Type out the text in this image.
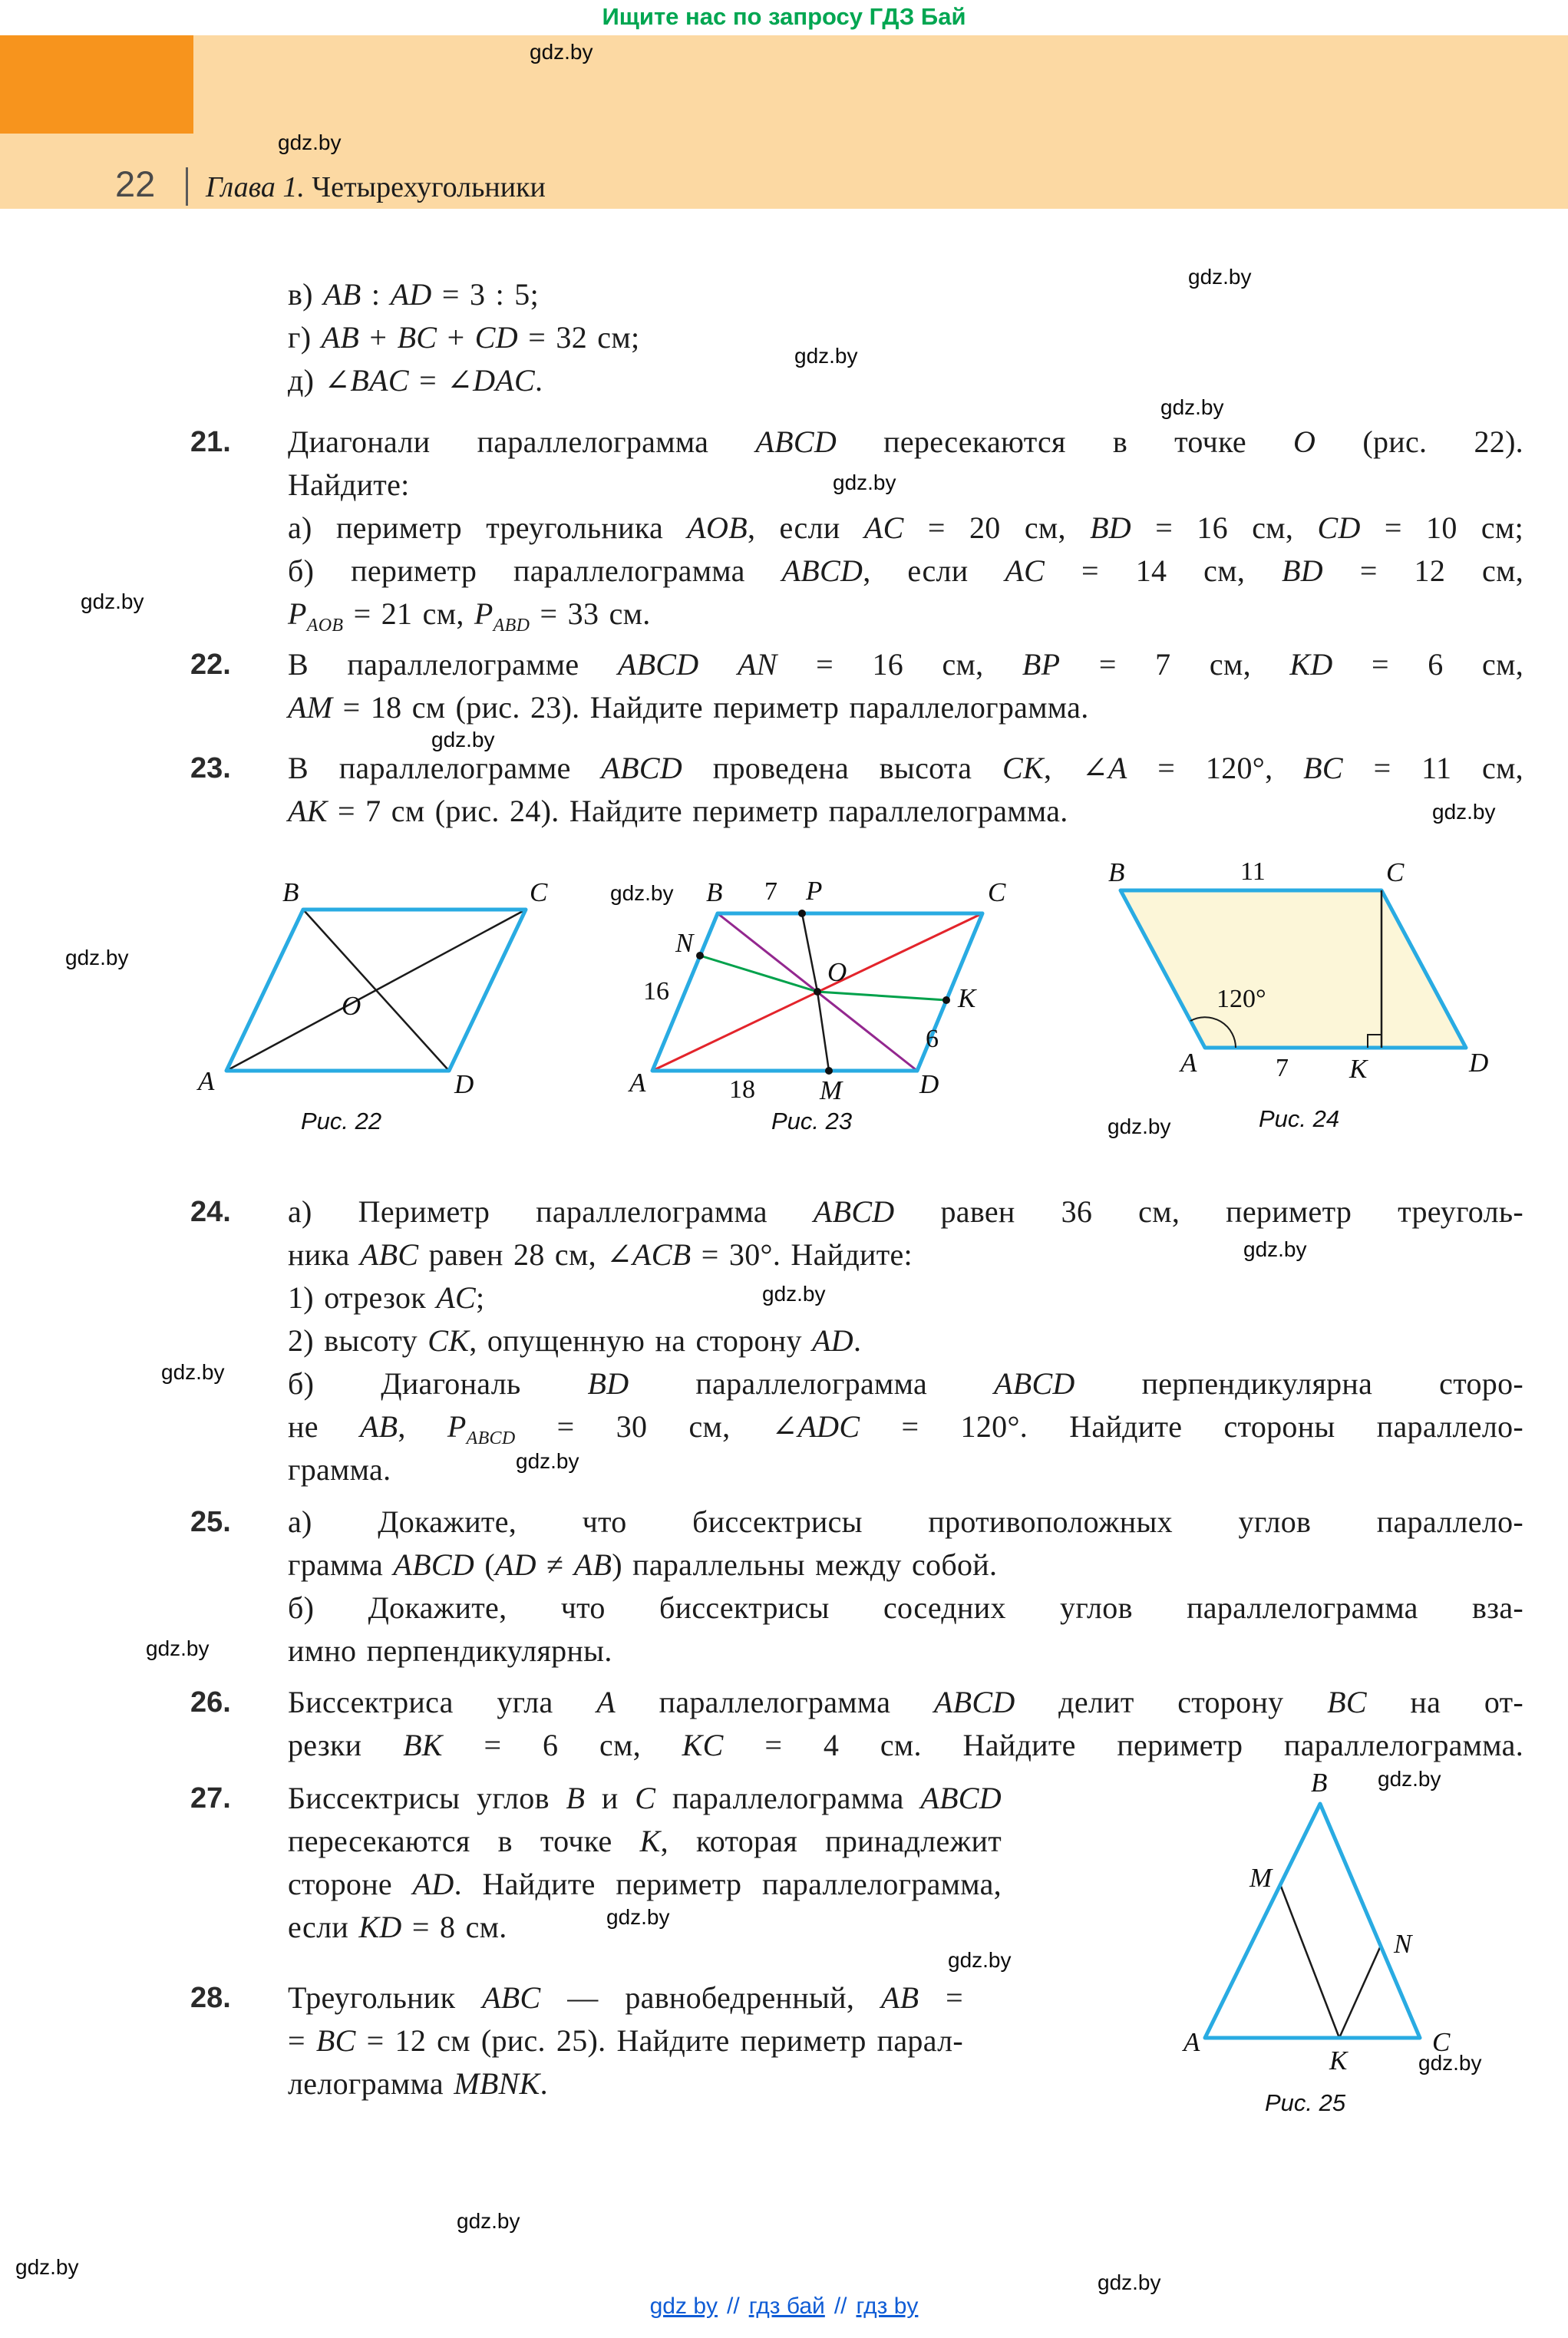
Ищите нас по запросу ГДЗ Бай
22 Глава 1. Четырехугольники
gdz.by
gdz.by
gdz.by
gdz.by
gdz.by
gdz.by
gdz.by
gdz.by
gdz.by
gdz.by
gdz.by
gdz.by
gdz.by
gdz.by
gdz.by
gdz.by
gdz.by
gdz.by
gdz.by
gdz.by
gdz.by
gdz.by
gdz.by
gdz.by
в) AB : AD = 3 : 5;
г) AB + BC + CD = 32 см;
д) ∠BAC = ∠DAC.
21. Диагонали параллелограмма ABCD пересекаются в точке O (рис. 22).
Найдите:
а) периметр треугольника AOB, если AC = 20 см, BD = 16 см, CD = 10 см;
б) периметр параллелограмма ABCD, если AC = 14 см, BD = 12 см,
$P_{AOB} = 21$ см, $P_{ABD} = 33$ см.
22. В параллелограмме ABCD AN = 16 см, BP = 7 см, KD = 6 см,
AM = 18 см (рис. 23). Найдите периметр параллелограмма.
23. В параллелограмме ABCD проведена высота CK, ∠A = 120°, BC = 11 см,
AK = 7 см (рис. 24). Найдите периметр параллелограмма.
B	C
A	D
O
Рис. 22
B 7 P	C
N
O
16	K
6
A	18 M	D
Рис. 23
B	11	C
120°
A	7 K	D
Рис. 24
24. а) Периметр параллелограмма ABCD равен 36 см, периметр треуголь-
ника ABC равен 28 см, ∠ACB = 30°. Найдите:
1) отрезок AC;
2) высоту CK, опущенную на сторону AD.
б) Диагональ BD параллелограмма ABCD перпендикулярна сторо-
не AB, $P_{ABCD} = 30$ см, ∠ADC = 120°. Найдите стороны параллело-
грамма.
25. а) Докажите, что биссектрисы противоположных углов параллело-
грамма ABCD (AD ≠ AB) параллельны между собой.
б) Докажите, что биссектрисы соседних углов параллелограмма вза-
имно перпендикулярны.
26. Биссектриса угла A параллелограмма ABCD делит сторону BC на от-
резки BK = 6 см, KC = 4 см. Найдите периметр параллелограмма.
27. Биссектрисы углов B и C параллелограмма ABCD
пересекаются в точке K, которая принадлежит
стороне AD. Найдите периметр параллелограмма,
если KD = 8 см.
28. Треугольник ABC — равнобедренный, AB =
= BC = 12 см (рис. 25). Найдите периметр парал-
лелограмма MBNK.
B
M
N
A	C
K
Рис. 25
gdz by // гдз бай // гдз by
